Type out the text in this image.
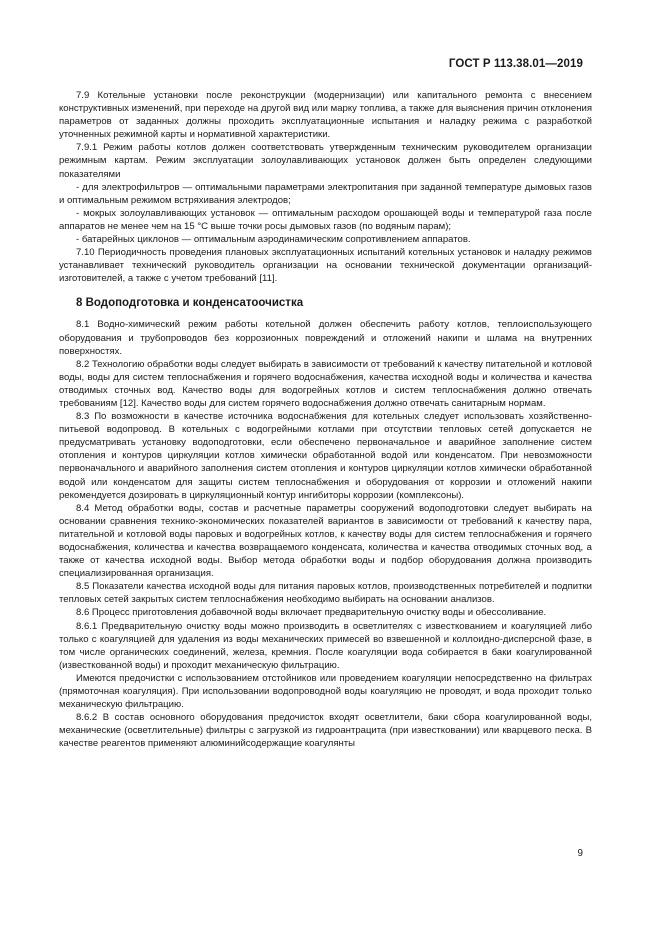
ГОСТ Р 113.38.01—2019

7.9 Котельные установки после реконструкции (модернизации) или капитального ремонта с внесением конструктивных изменений, при переходе на другой вид или марку топлива, а также для выяснения причин отклонения параметров от заданных должны проходить эксплуатационные испытания и наладку режима с разработкой уточненных режимной карты и нормативной характеристики.

7.9.1 Режим работы котлов должен соответствовать утвержденным техническим руководителем организации режимным картам. Режим эксплуатации золоулавливающих установок должен быть определен следующими показателями

- для электрофильтров — оптимальными параметрами электропитания при заданной температуре дымовых газов и оптимальным режимом встряхивания электродов;

- мокрых золоулавливающих установок — оптимальным расходом орошающей воды и температурой газа после аппаратов не менее чем на 15 °С выше точки росы дымовых газов (по водяным парам);

- батарейных циклонов — оптимальным аэродинамическим сопротивлением аппаратов.

7.10 Периодичность проведения плановых эксплуатационных испытаний котельных установок и наладку режимов устанавливает технический руководитель организации на основании технической документации организаций-изготовителей, а также с учетом требований [11].

8 Водоподготовка и конденсатоочистка

8.1 Водно-химический режим работы котельной должен обеспечить работу котлов, теплоиспользующего оборудования и трубопроводов без коррозионных повреждений и отложений накипи и шлама на внутренних поверхностях.

8.2 Технологию обработки воды следует выбирать в зависимости от требований к качеству питательной и котловой воды, воды для систем теплоснабжения и горячего водоснабжения, качества исходной воды и количества и качества отводимых сточных вод. Качество воды для водогрейных котлов и систем теплоснабжения должно отвечать требованиям [12]. Качество воды для систем горячего водоснабжения должно отвечать санитарным нормам.

8.3 По возможности в качестве источника водоснабжения для котельных следует использовать хозяйственно-питьевой водопровод. В котельных с водогрейными котлами при отсутствии тепловых сетей допускается не предусматривать установку водоподготовки, если обеспечено первоначальное и аварийное заполнение систем отопления и контуров циркуляции котлов химически обработанной водой или конденсатом. При невозможности первоначального и аварийного заполнения систем отопления и контуров циркуляции котлов химически обработанной водой или конденсатом для защиты систем теплоснабжения и оборудования от коррозии и отложений накипи рекомендуется дозировать в циркуляционный контур ингибиторы коррозии (комплексоны).

8.4 Метод обработки воды, состав и расчетные параметры сооружений водоподготовки следует выбирать на основании сравнения технико-экономических показателей вариантов в зависимости от требований к качеству пара, питательной и котловой воды паровых и водогрейных котлов, к качеству воды для систем теплоснабжения и горячего водоснабжения, количества и качества возвращаемого конденсата, количества и качества отводимых сточных вод, а также от качества исходной воды. Выбор метода обработки воды и подбор оборудования должна производить специализированная организация.

8.5 Показатели качества исходной воды для питания паровых котлов, производственных потребителей и подпитки тепловых сетей закрытых систем теплоснабжения необходимо выбирать на основании анализов.

8.6 Процесс приготовления добавочной воды включает предварительную очистку воды и обессоливание.

8.6.1 Предварительную очистку воды можно производить в осветлителях с известкованием и коагуляцией либо только с коагуляцией для удаления из воды механических примесей во взвешенной и коллоидно-дисперсной фазе, в том числе органических соединений, железа, кремния. После коагуляции вода собирается в баки коагулированной (известкованной воды) и проходит механическую фильтрацию.

Имеются предочистки с использованием отстойников или проведением коагуляции непосредственно на фильтрах (прямоточная коагуляция). При использовании водопроводной воды коагуляцию не проводят, и вода проходит только механическую фильтрацию.

8.6.2 В состав основного оборудования предочисток входят осветлители, баки сбора коагулированной воды, механические (осветлительные) фильтры с загрузкой из гидроантрацита (при известковании) или кварцевого песка. В качестве реагентов применяют алюминийсодержащие коагулянты

9
